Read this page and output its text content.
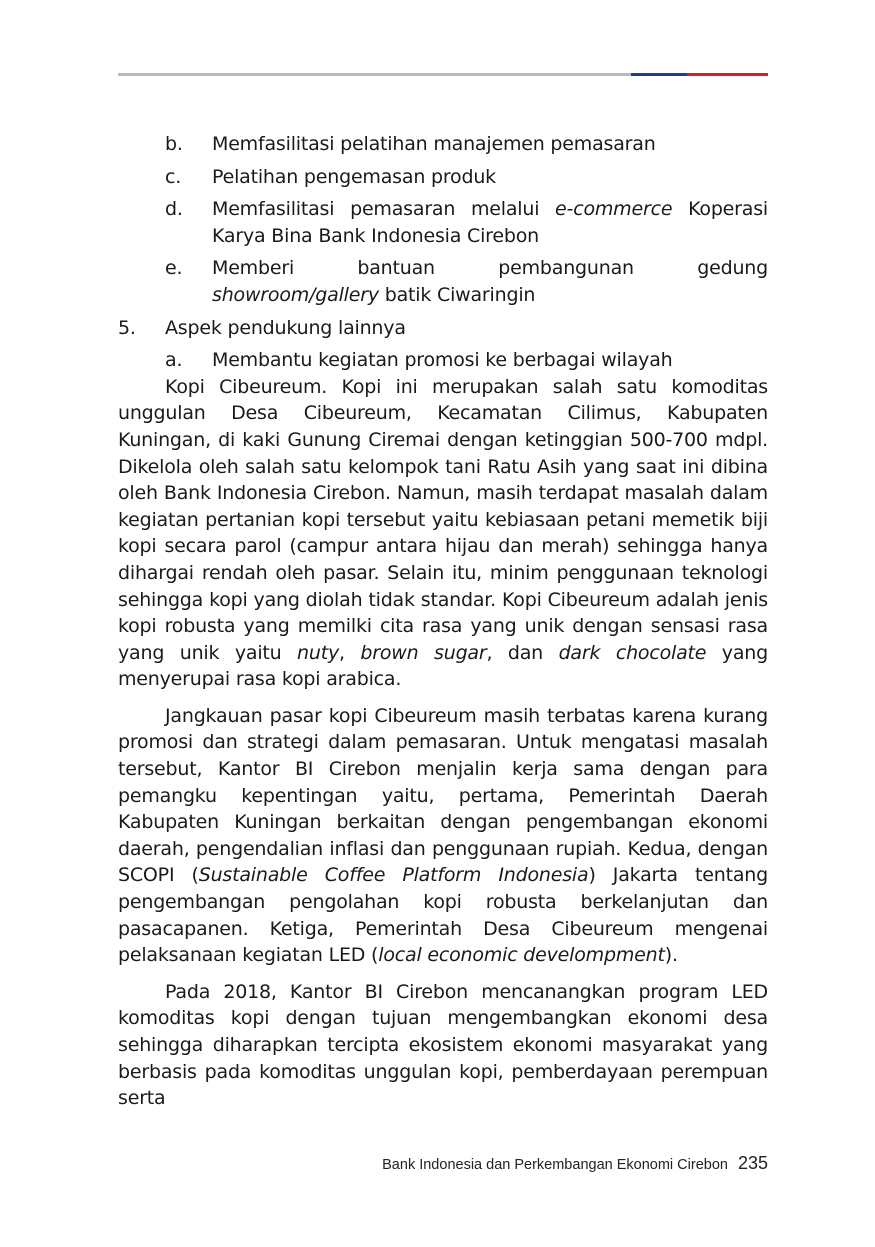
b.	Memfasilitasi pelatihan manajemen pemasaran
c.	Pelatihan pengemasan produk
d.	Memfasilitasi pemasaran melalui e-commerce Koperasi Karya Bina Bank Indonesia Cirebon
e.	Memberi bantuan pembangunan gedung showroom/gallery batik Ciwaringin
5.	Aspek pendukung lainnya
a.	Membantu kegiatan promosi ke berbagai wilayah

Kopi Cibeureum. Kopi ini merupakan salah satu komoditas unggulan Desa Cibeureum, Kecamatan Cilimus, Kabupaten Kuningan, di kaki Gunung Ciremai dengan ketinggian 500-700 mdpl. Dikelola oleh salah satu kelompok tani Ratu Asih yang saat ini dibina oleh Bank Indonesia Cirebon. Namun, masih terdapat masalah dalam kegiatan pertanian kopi tersebut yaitu kebiasaan petani memetik biji kopi secara parol (campur antara hijau dan merah) sehingga hanya dihargai rendah oleh pasar. Selain itu, minim penggunaan teknologi sehingga kopi yang diolah tidak standar. Kopi Cibeureum adalah jenis kopi robusta yang memilki cita rasa yang unik dengan sensasi rasa yang unik yaitu nuty, brown sugar, dan dark chocolate yang menyerupai rasa kopi arabica.

Jangkauan pasar kopi Cibeureum masih terbatas karena kurang promosi dan strategi dalam pemasaran. Untuk mengatasi masalah tersebut, Kantor BI Cirebon menjalin kerja sama dengan para pemangku kepentingan yaitu, pertama, Pemerintah Daerah Kabupaten Kuningan berkaitan dengan pengembangan ekonomi daerah, pengendalian inflasi dan penggunaan rupiah. Kedua, dengan SCOPI (Sustainable Coffee Platform Indonesia) Jakarta tentang pengembangan pengolahan kopi robusta berkelanjutan dan pasacapanen. Ketiga, Pemerintah Desa Cibeureum mengenai pelaksanaan kegiatan LED (local economic develompment).

Pada 2018, Kantor BI Cirebon mencanangkan program LED komoditas kopi dengan tujuan mengembangkan ekonomi desa sehingga diharapkan tercipta ekosistem ekonomi masyarakat yang berbasis pada komoditas unggulan kopi, pemberdayaan perempuan serta

Bank Indonesia dan Perkembangan Ekonomi Cirebon 235
